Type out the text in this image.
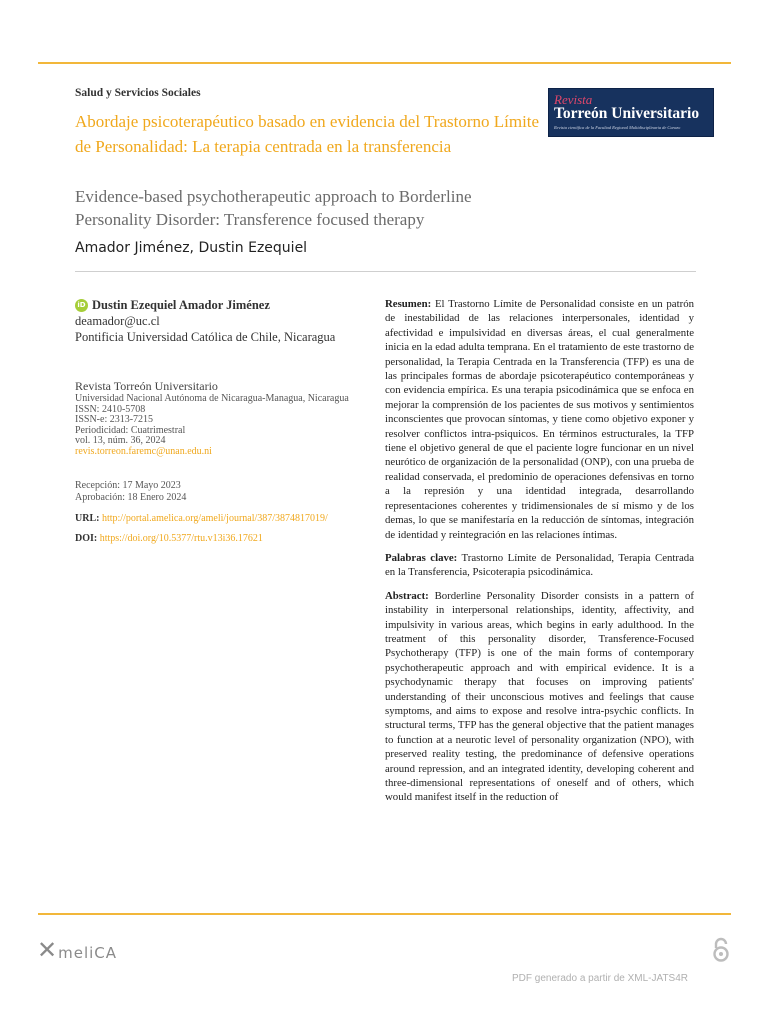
Salud y Servicios Sociales
Abordaje psicoterapéutico basado en evidencia del Trastorno Límite de Personalidad: La terapia centrada en la transferencia
Evidence-based psychotherapeutic approach to Borderline Personality Disorder: Transference focused therapy
Amador Jiménez, Dustin Ezequiel
Revista
Torreón Universitario
Revista científica de la Facultad Regional Multidisciplinaria de Carazo
iD Dustin Ezequiel Amador Jiménez
deamador@uc.cl
Pontificia Universidad Católica de Chile, Nicaragua
Revista Torreón Universitario
Universidad Nacional Autónoma de Nicaragua-Managua, Nicaragua
ISSN: 2410-5708
ISSN-e: 2313-7215
Periodicidad: Cuatrimestral
vol. 13, núm. 36, 2024
revis.torreon.faremc@unan.edu.ni
Recepción: 17 Mayo 2023
Aprobación: 18 Enero 2024
URL: http://portal.amelica.org/ameli/journal/387/3874817019/
DOI: https://doi.org/10.5377/rtu.v13i36.17621

Resumen: El Trastorno Límite de Personalidad consiste en un patrón de inestabilidad de las relaciones interpersonales, identidad y afectividad e impulsividad en diversas áreas, el cual generalmente inicia en la edad adulta temprana. En el tratamiento de este trastorno de personalidad, la Terapia Centrada en la Transferencia (TFP) es una de las principales formas de abordaje psicoterapéutico contemporáneas y con evidencia empírica. Es una terapia psicodinámica que se enfoca en mejorar la comprensión de los pacientes de sus motivos y sentimientos inconscientes que provocan síntomas, y tiene como objetivo exponer y resolver conflictos intra-psiquicos. En términos estructurales, la TFP tiene el objetivo general de que el paciente logre funcionar en un nivel neurótico de organización de la personalidad (ONP), con una prueba de realidad conservada, el predominio de operaciones defensivas en torno a la represión y una identidad integrada, desarrollando representaciones coherentes y tridimensionales de sí mismo y de los demas, lo que se manifestaría en la reducción de síntomas, integración de identidad y reintegración en las relaciones íntimas.

Palabras clave: Trastorno Límite de Personalidad, Terapia Centrada en la Transferencia, Psicoterapia psicodinámica.

Abstract: Borderline Personality Disorder consists in a pattern of instability in interpersonal relationships, identity, affectivity, and impulsivity in various areas, which begins in early adulthood. In the treatment of this personality disorder, Transference-Focused Psychotherapy (TFP) is one of the main forms of contemporary psychotherapeutic approach and with empirical evidence. It is a psychodynamic therapy that focuses on improving patients' understanding of their unconscious motives and feelings that cause symptoms, and aims to expose and resolve intra-psychic conflicts. In structural terms, TFP has the general objective that the patient manages to function at a neurotic level of personality organization (NPO), with preserved reality testing, the predominance of defensive operations around repression, and an integrated identity, developing coherent and three-dimensional representations of oneself and of others, which would manifest itself in the reduction of

✕ meliCA
PDF generado a partir de XML-JATS4R
